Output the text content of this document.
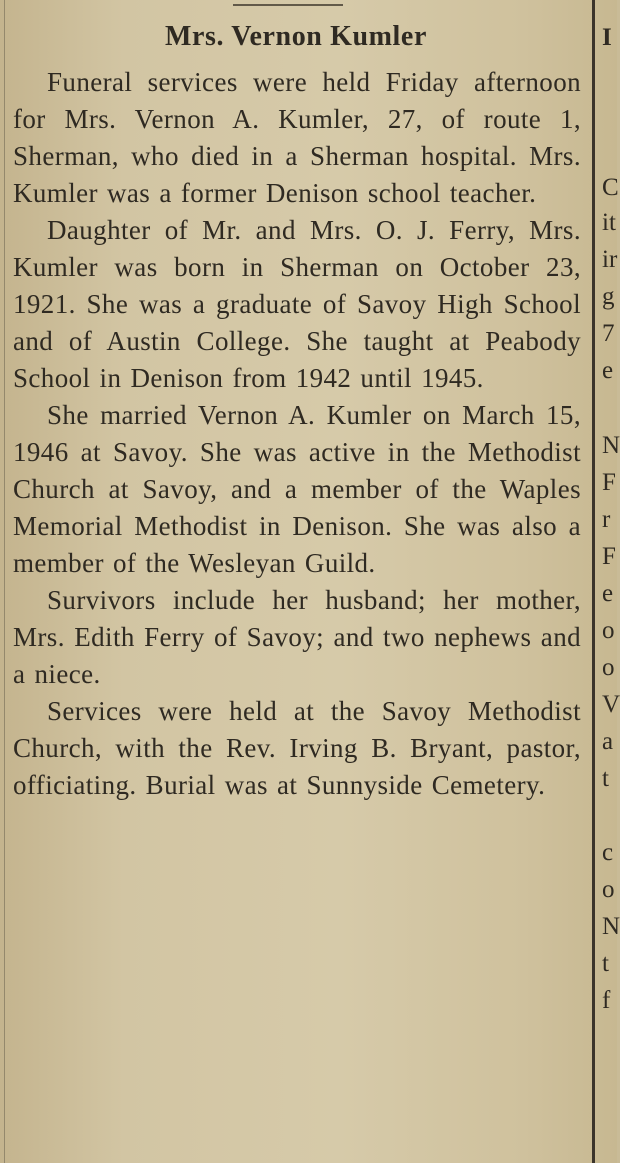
Mrs. Vernon Kumler

Funeral services were held Friday afternoon for Mrs. Vernon A. Kumler, 27, of route 1, Sherman, who died in a Sherman hospital. Mrs. Kumler was a former Denison school teacher.

Daughter of Mr. and Mrs. O. J. Ferry, Mrs. Kumler was born in Sherman on October 23, 1921. She was a graduate of Savoy High School and of Austin College. She taught at Peabody School in Denison from 1942 until 1945.

She married Vernon A. Kumler on March 15, 1946 at Savoy. She was active in the Methodist Church at Savoy, and a member of the Waples Memorial Methodist in Denison. She was also a member of the Wesleyan Guild.

Survivors include her husband; her mother, Mrs. Edith Ferry of Savoy; and two nephews and a niece.

Services were held at the Savoy Methodist Church, with the Rev. Irving B. Bryant, pastor, officiating. Burial was at Sunnyside Cemetery.

I
C
it
ir
g
7
e
N
F
r
F
e
o
o
V
a
t
c
o
N
t
f
